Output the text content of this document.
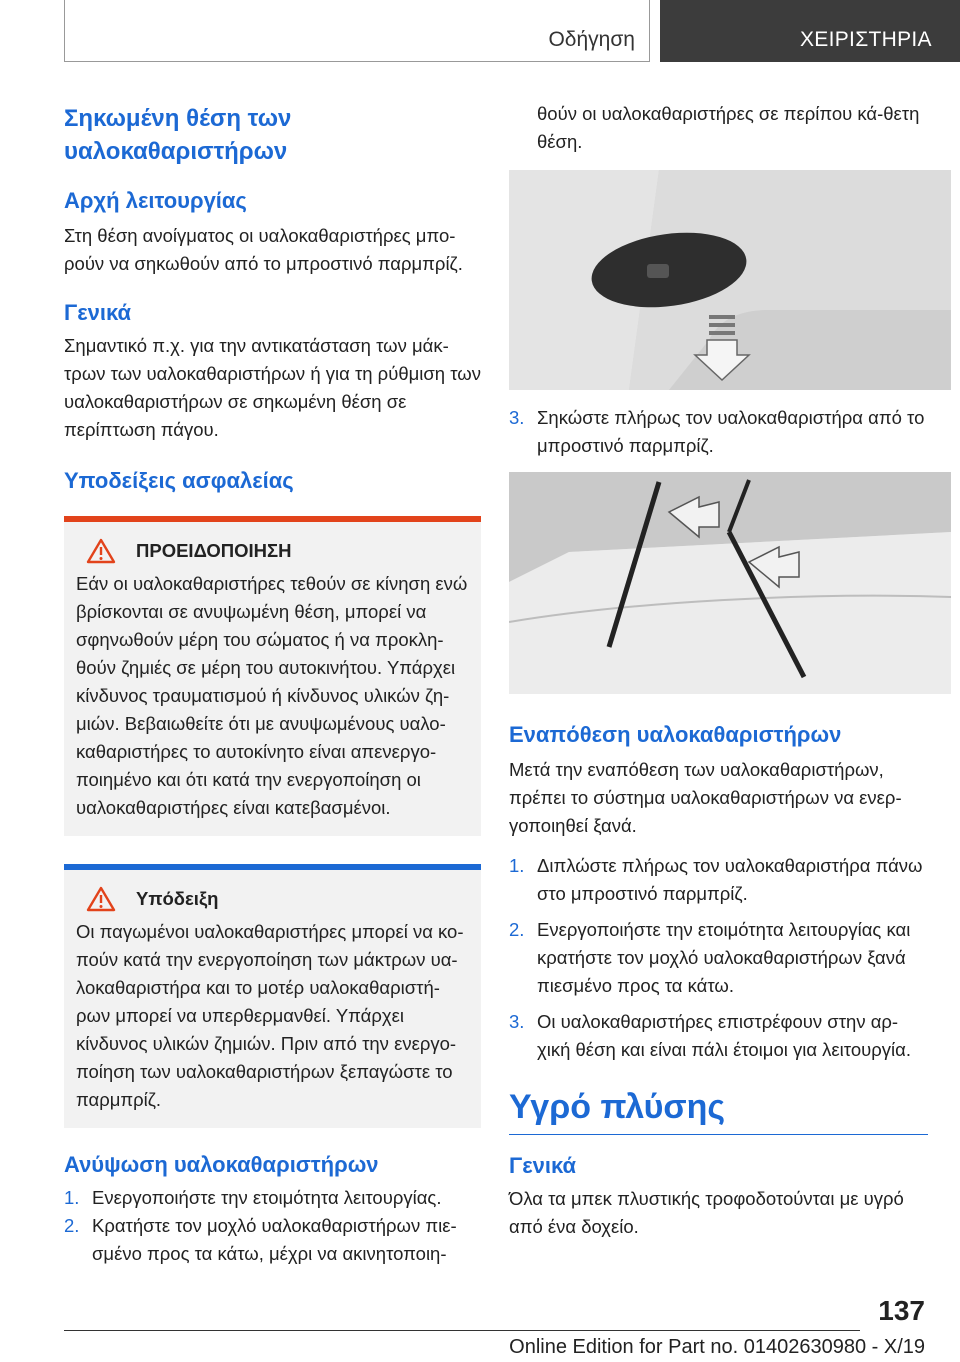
Οδήγηση	ΧΕΙΡΙΣΤΗΡΙΑ
Σηκωμένη θέση των υαλοκαθαριστήρων
Αρχή λειτουργίας

Στη θέση ανοίγματος οι υαλοκαθαριστήρες μπο-ρούν να σηκωθούν από το μπροστινό παρμπρίζ.

Γενικά

Σημαντικό π.χ. για την αντικατάσταση των μάκ-τρων των υαλοκαθαριστήρων ή για τη ρύθμιση των υαλοκαθαριστήρων σε σηκωμένη θέση σε περίπτωση πάγου.

Υποδείξεις ασφαλείας
ΠΡΟΕΙΔΟΠΟΙΗΣΗ

Εάν οι υαλοκαθαριστήρες τεθούν σε κίνηση ενώ βρίσκονται σε ανυψωμένη θέση, μπορεί να σφηνωθούν μέρη του σώματος ή να προκλη-θούν ζημιές σε μέρη του αυτοκινήτου. Υπάρχει κίνδυνος τραυματισμού ή κίνδυνος υλικών ζη-μιών. Βεβαιωθείτε ότι με ανυψωμένους υαλο-καθαριστήρες το αυτοκίνητο είναι απενεργο-ποιημένο και ότι κατά την ενεργοποίηση οι υαλοκαθαριστήρες είναι κατεβασμένοι.

Υπόδειξη

Οι παγωμένοι υαλοκαθαριστήρες μπορεί να κο-πούν κατά την ενεργοποίηση των μάκτρων υα-λοκαθαριστήρα και το μοτέρ υαλοκαθαριστή-ρων μπορεί να υπερθερμανθεί. Υπάρχει κίνδυνος υλικών ζημιών. Πριν από την ενεργο-ποίηση των υαλοκαθαριστήρων ξεπαγώστε το παρμπρίζ.

Ανύψωση υαλοκαθαριστήρων
1. Ενεργοποιήστε την ετοιμότητα λειτουργίας.
2. Κρατήστε τον μοχλό υαλοκαθαριστήρων πιε-σμένο προς τα κάτω, μέχρι να ακινητοποιη-

θούν οι υαλοκαθαριστήρες σε περίπου κά-θετη θέση.

3. Σηκώστε πλήρως τον υαλοκαθαριστήρα από το μπροστινό παρμπρίζ.
Εναπόθεση υαλοκαθαριστήρων

Μετά την εναπόθεση των υαλοκαθαριστήρων, πρέπει το σύστημα υαλοκαθαριστήρων να ενερ-γοποιηθεί ξανά.

1. Διπλώστε πλήρως τον υαλοκαθαριστήρα πάνω στο μπροστινό παρμπρίζ.
2. Ενεργοποιήστε την ετοιμότητα λειτουργίας και κρατήστε τον μοχλό υαλοκαθαριστήρων ξανά πιεσμένο προς τα κάτω.
3. Οι υαλοκαθαριστήρες επιστρέφουν στην αρ-χική θέση και είναι πάλι έτοιμοι για λειτουργία.
Υγρό πλύσης
Γενικά

Όλα τα μπεκ πλυστικής τροφοδοτούνται με υγρό από ένα δοχείο.

137
Online Edition for Part no. 01402630980 - X/19
